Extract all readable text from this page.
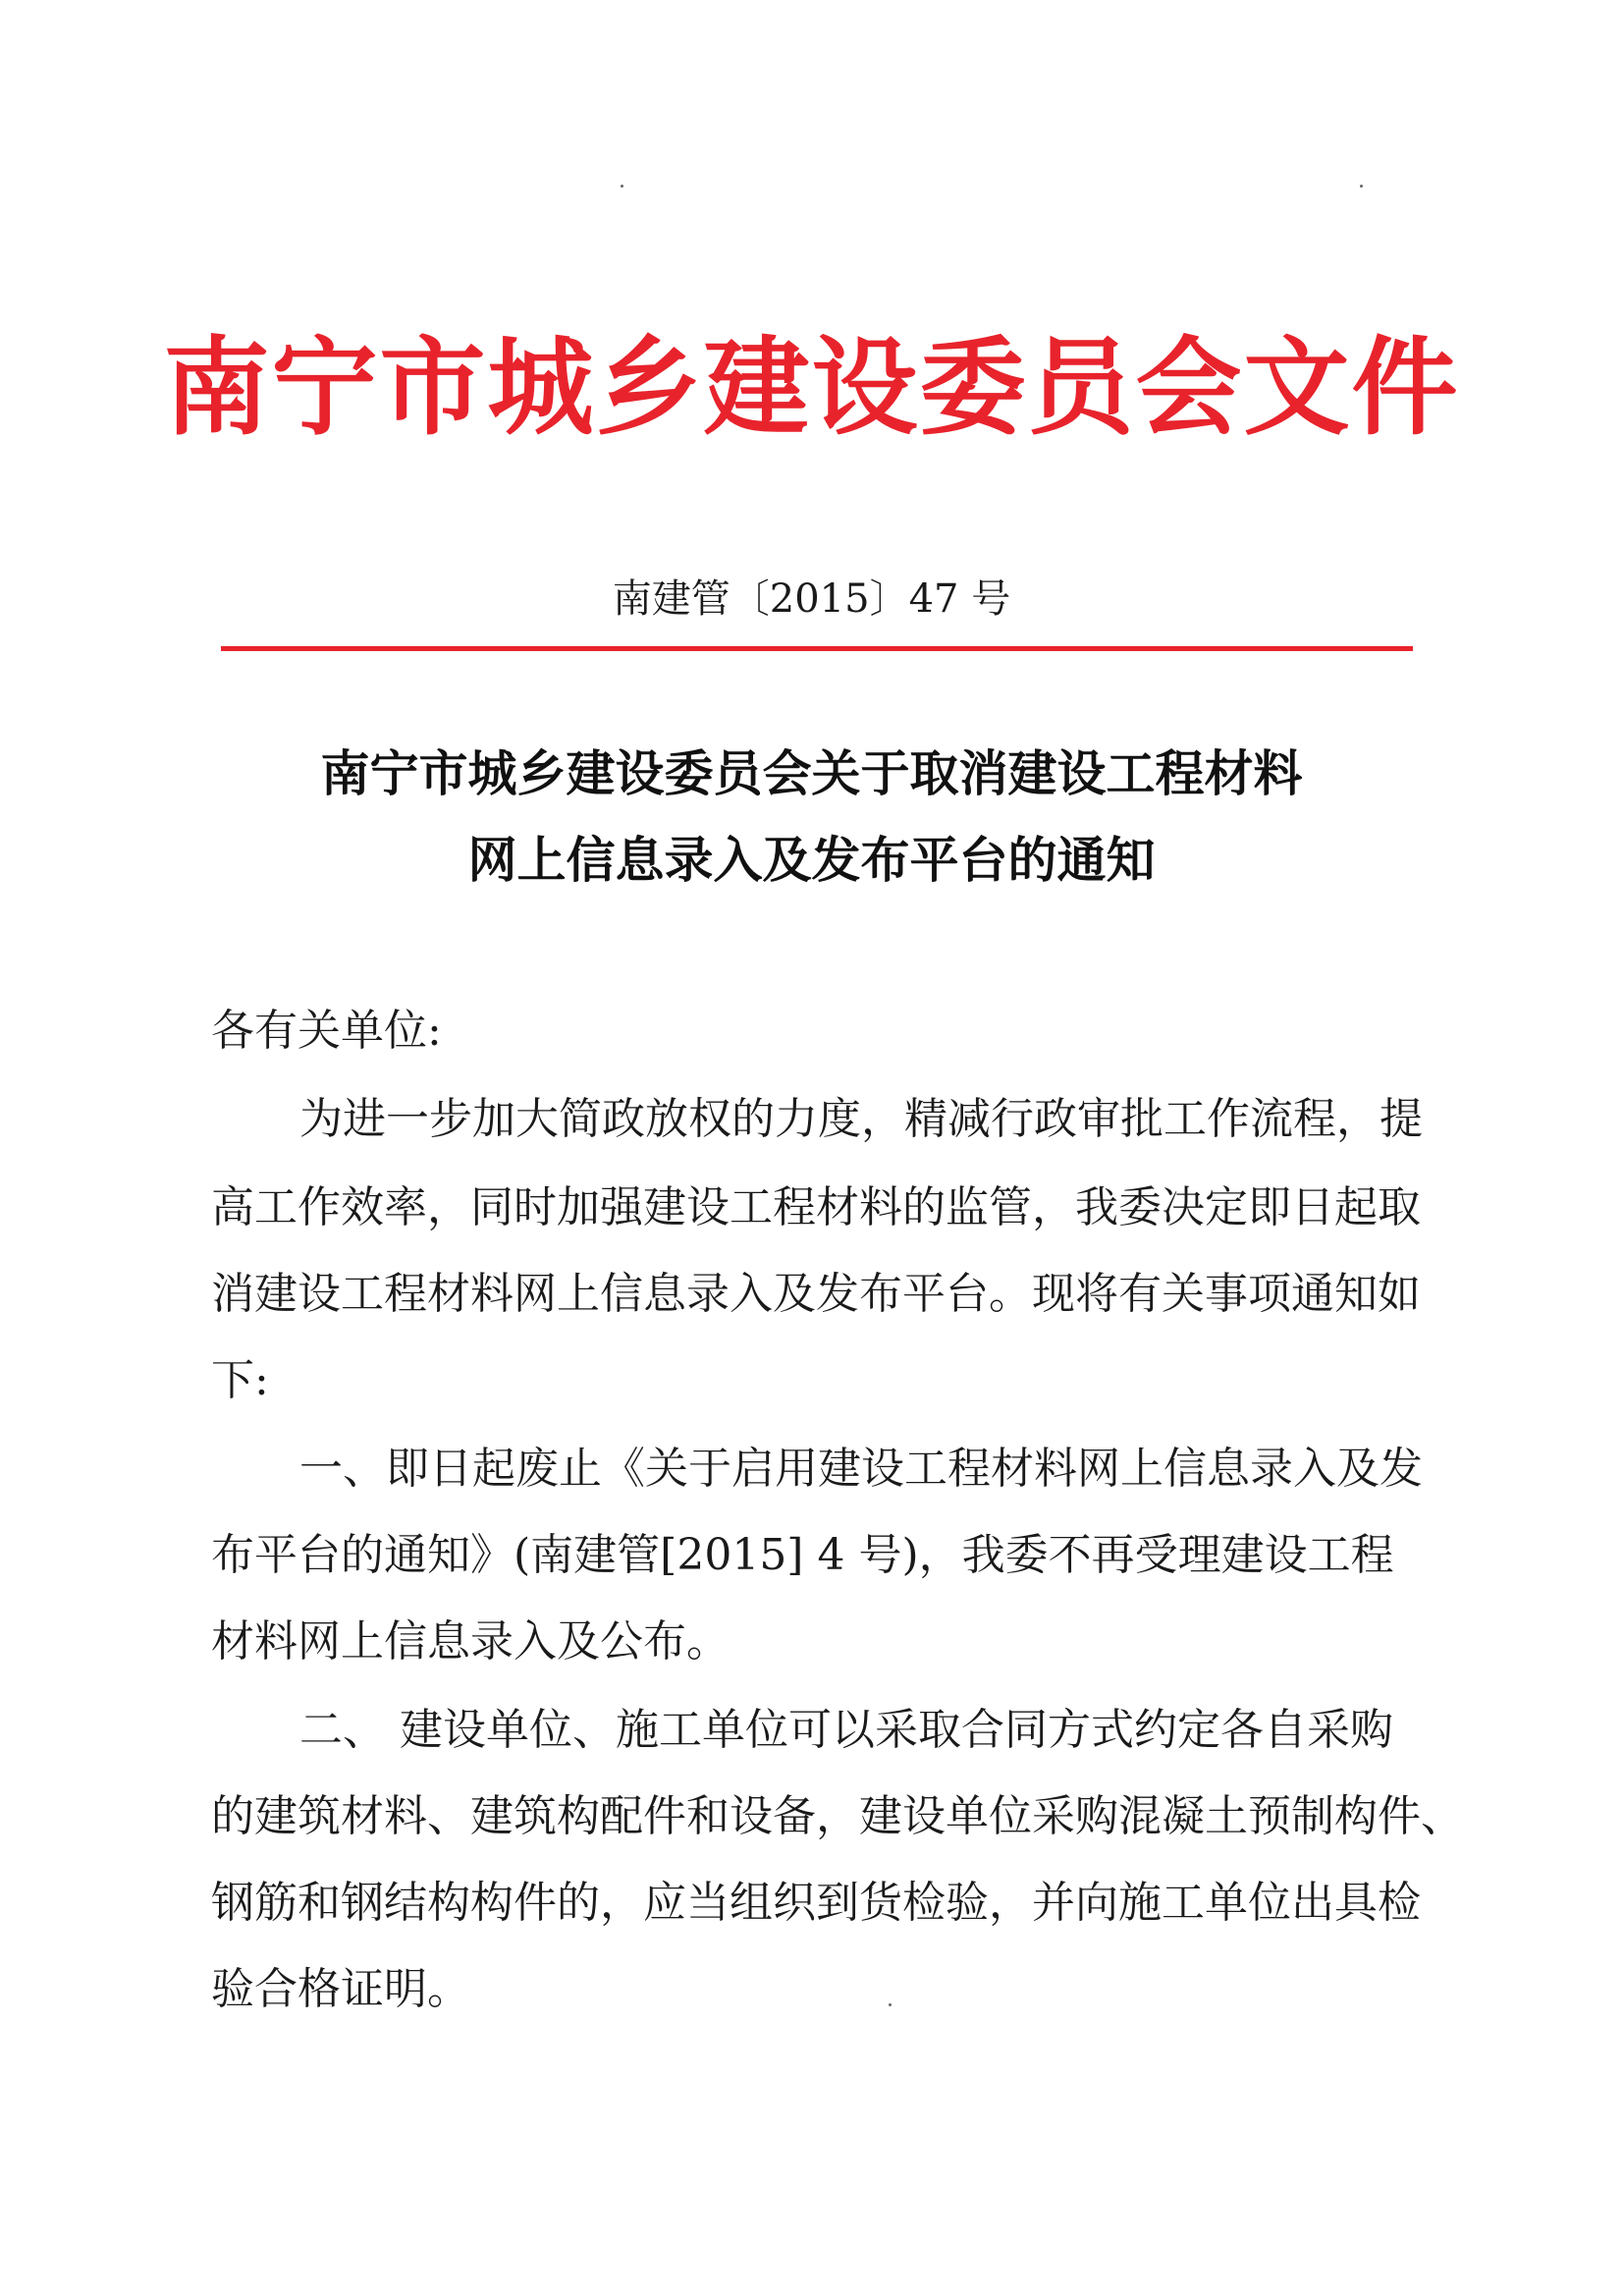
南宁市城乡建设委员会文件
南建管〔2015〕47 号
南宁市城乡建设委员会关于取消建设工程材料
网上信息录入及发布平台的通知
各有关单位:
为进一步加大简政放权的力度，精减行政审批工作流程，提
高工作效率，同时加强建设工程材料的监管，我委决定即日起取
消建设工程材料网上信息录入及发布平台。现将有关事项通知如
下:
一、即日起废止《关于启用建设工程材料网上信息录入及发
布平台的通知》(南建管[2015] 4 号)，我委不再受理建设工程
材料网上信息录入及公布。
二、 建设单位、施工单位可以采取合同方式约定各自采购
的建筑材料、建筑构配件和设备，建设单位采购混凝土预制构件、
钢筋和钢结构构件的，应当组织到货检验，并向施工单位出具检
验合格证明。
